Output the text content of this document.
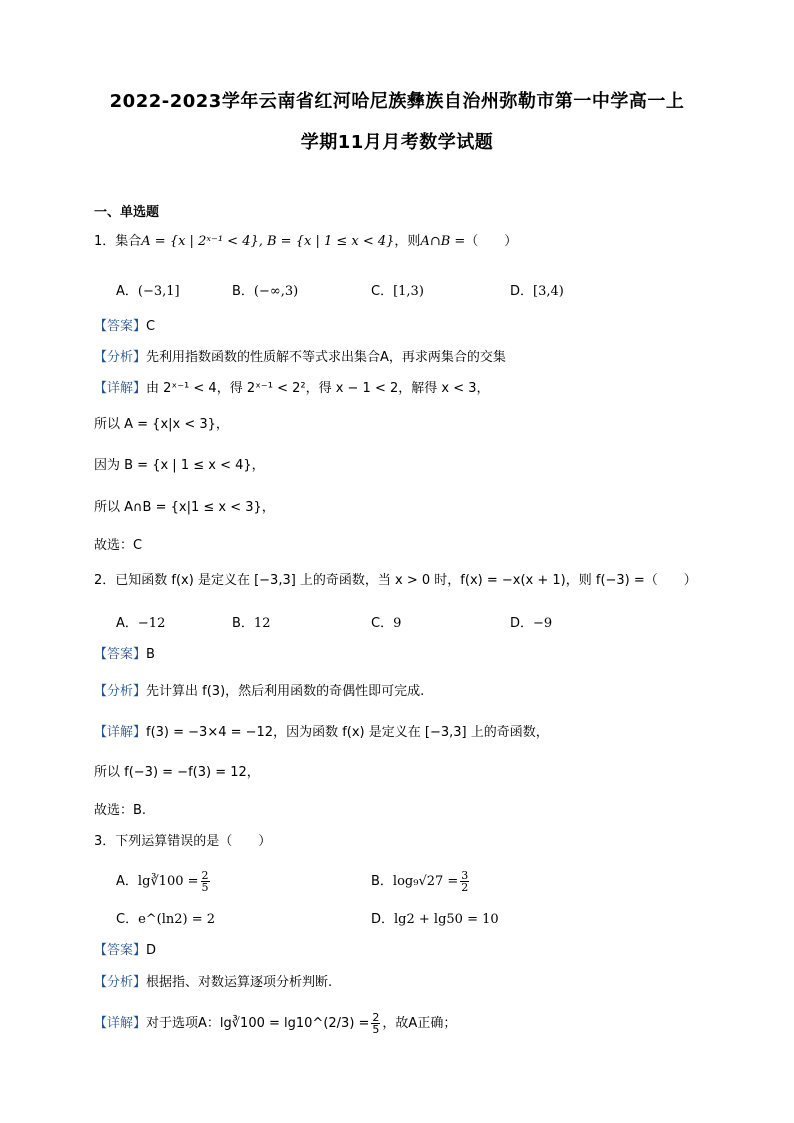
2022-2023学年云南省红河哈尼族彝族自治州弥勒市第一中学高一上
学期11月月考数学试题
一、单选题
1．集合A = {x | 2ˣ⁻¹ < 4}, B = {x | 1 ≤ x < 4}，则A∩B =（　　）
A．(−3,1]	B．(−∞,3)	C．[1,3)	D．[3,4)
【答案】C
【分析】先利用指数函数的性质解不等式求出集合A，再求两集合的交集
【详解】由 2ˣ⁻¹ < 4，得 2ˣ⁻¹ < 2²，得 x − 1 < 2，解得 x < 3，
所以 A = {x|x < 3}，
因为 B = {x | 1 ≤ x < 4}，
所以 A∩B = {x|1 ≤ x < 3}，
故选：C
2．已知函数 f(x) 是定义在 [−3,3] 上的奇函数，当 x > 0 时，f(x) = −x(x + 1)，则 f(−3) =（　　）
A．−12	B．12	C．9	D．−9
【答案】B
【分析】先计算出 f(3)，然后利用函数的奇偶性即可完成.
【详解】f(3) = −3×4 = −12，因为函数 f(x) 是定义在 [−3,3] 上的奇函数，
所以 f(−3) = −f(3) = 12，
故选：B.
3．下列运算错误的是（　　）
A．lg∛100 = $\frac{2}{5}$	B．$\log_9√27 = \frac{3}{2}$
C．e^(ln2) = 2	D．lg2 + lg50 = 10
【答案】D
【分析】根据指、对数运算逐项分析判断.
【详解】对于选项A：lg∛100 = lg10^(2/3) = $\frac{2}{5}$ ，故A正确；
